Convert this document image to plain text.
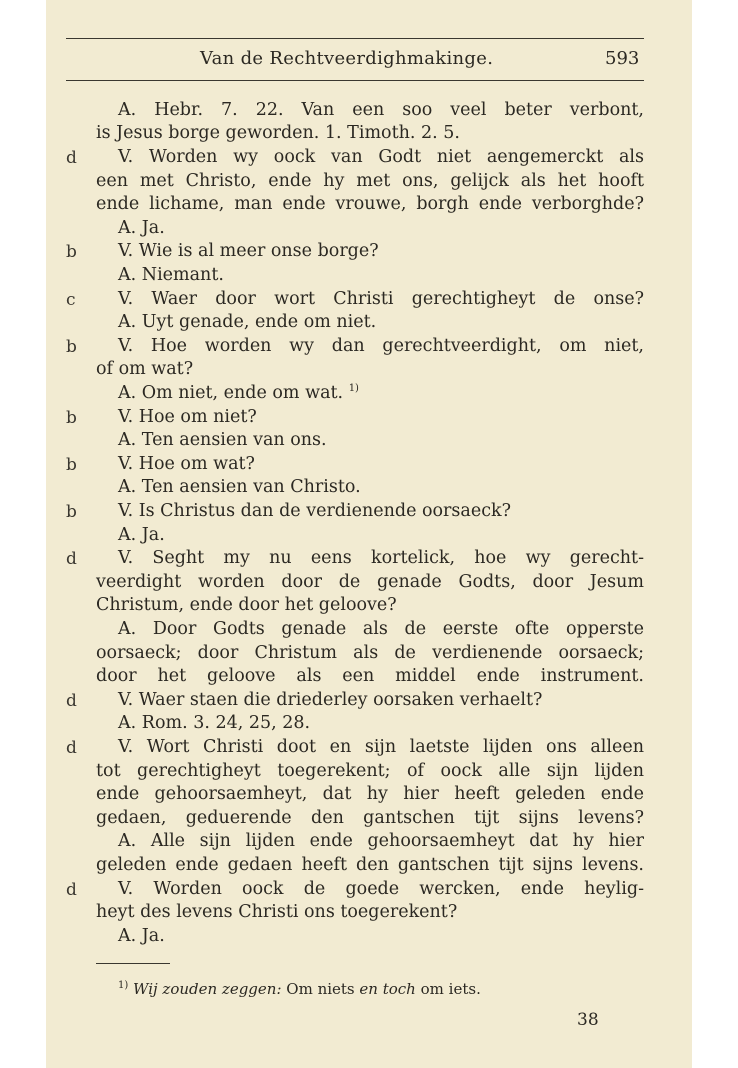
Van de Rechtveerdighmakinge.	593
A. Hebr. 7. 22. Van een soo veel beter verbont,
is Jesus borge geworden. 1. Timoth. 2. 5.
V. Worden wy oock van Godt niet aengemerckt als
een met Christo, ende hy met ons, gelijck als het hooft
ende lichame, man ende vrouwe, borgh ende verborghde?
A. Ja.
V. Wie is al meer onse borge?
A. Niemant.
V. Waer door wort Christi gerechtigheyt de onse?
A. Uyt genade, ende om niet.
V. Hoe worden wy dan gerechtveerdight, om niet,
of om wat?
A. Om niet, ende om wat. $^{1)}$
V. Hoe om niet?
A. Ten aensien van ons.
V. Hoe om wat?
A. Ten aensien van Christo.
V. Is Christus dan de verdienende oorsaeck?
A. Ja.
V. Seght my nu eens kortelick, hoe wy gerecht-
veerdight worden door de genade Godts, door Jesum
Christum, ende door het geloove?
A. Door Godts genade als de eerste ofte opperste
oorsaeck; door Christum als de verdienende oorsaeck;
door het geloove als een middel ende instrument.
V. Waer staen die driederley oorsaken verhaelt?
A. Rom. 3. 24, 25, 28.
V. Wort Christi doot en sijn laetste lijden ons alleen
tot gerechtigheyt toegerekent; of oock alle sijn lijden
ende gehoorsaemheyt, dat hy hier heeft geleden ende
gedaen, geduerende den gantschen tijt sijns levens?
A. Alle sijn lijden ende gehoorsaemheyt dat hy hier
geleden ende gedaen heeft den gantschen tijt sijns levens.
V. Worden oock de goede wercken, ende heylig-
heyt des levens Christi ons toegerekent?
A. Ja.
d
b
c
b
b
b
b
d
d
d
d
$^{1)}$ Wij zouden zeggen: Om niets en toch om iets.
38
